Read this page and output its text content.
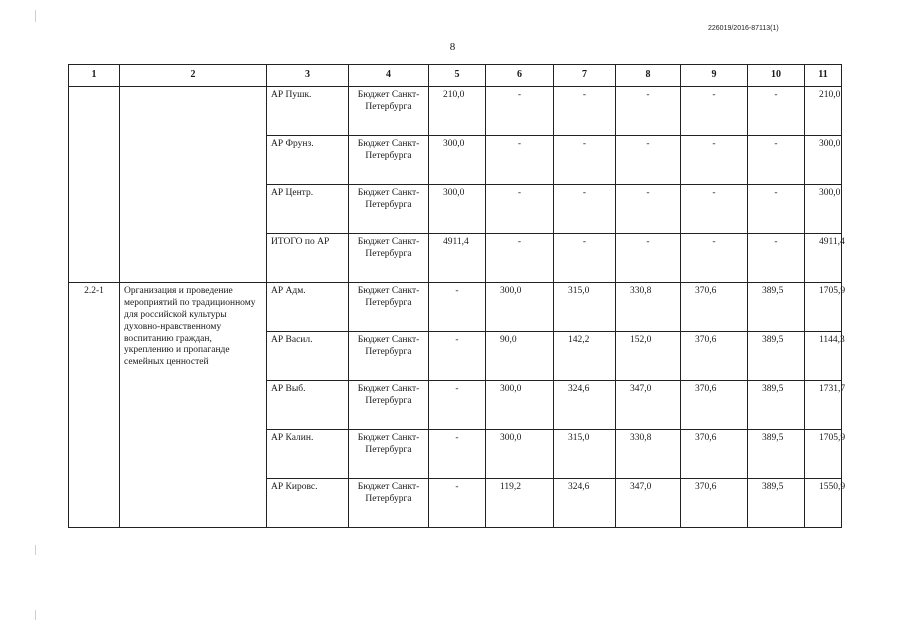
226019/2016-87113(1)
8
1	2	3	4	5	6	7	8	9	10	11
		АР Пушк.	Бюджет Санкт-Петербурга	210,0	-	-	-	-	-	210,0
		АР Фрунз.	Бюджет Санкт-Петербурга	300,0	-	-	-	-	-	300,0
		АР Центр.	Бюджет Санкт-Петербурга	300,0	-	-	-	-	-	300,0
		ИТОГО по АР	Бюджет Санкт-Петербурга	4911,4	-	-	-	-	-	4911,4
2.2-1	Организация и проведение мероприятий по традиционному для российской культуры духовно-нравственному воспитанию граждан, укреплению и пропаганде семейных ценностей	АР Адм.	Бюджет Санкт-Петербурга	-	300,0	315,0	330,8	370,6	389,5	1705,9
		АР Васил.	Бюджет Санкт-Петербурга	-	90,0	142,2	152,0	370,6	389,5	1144,3
		АР Выб.	Бюджет Санкт-Петербурга	-	300,0	324,6	347,0	370,6	389,5	1731,7
		АР Калин.	Бюджет Санкт-Петербурга	-	300,0	315,0	330,8	370,6	389,5	1705,9
		АР Кировс.	Бюджет Санкт-Петербурга	-	119,2	324,6	347,0	370,6	389,5	1550,9
